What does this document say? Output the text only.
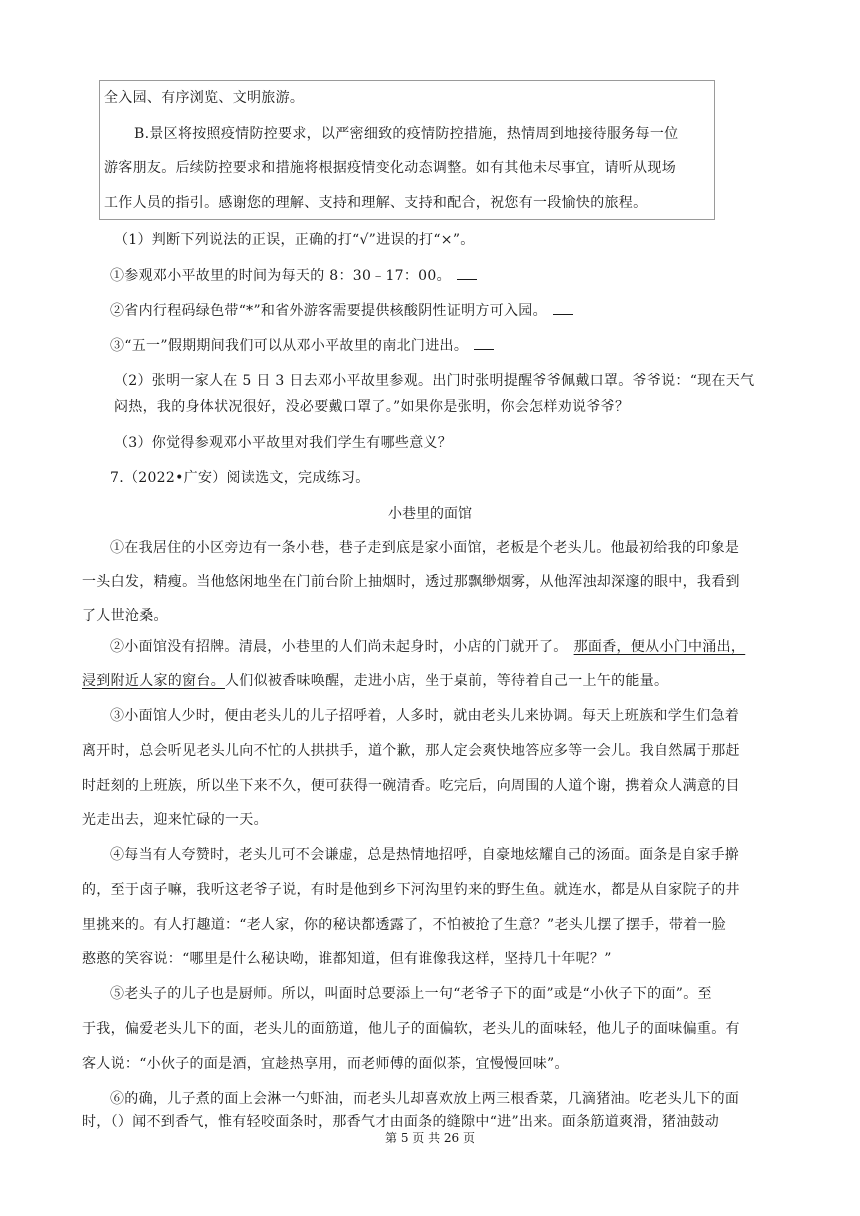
全入园、有序浏览、文明旅游。
B.景区将按照疫情防控要求，以严密细致的疫情防控措施，热情周到地接待服务每一位
游客朋友。后续防控要求和措施将根据疫情变化动态调整。如有其他未尽事宜，请听从现场
工作人员的指引。感谢您的理解、支持和理解、支持和配合，祝您有一段愉快的旅程。
（1）判断下列说法的正误，正确的打“√”进误的打“×”。
①参观邓小平故里的时间为每天的 8：30﹣17：00。
②省内行程码绿色带“*”和省外游客需要提供核酸阴性证明方可入园。
③“五一”假期期间我们可以从邓小平故里的南北门进出。
（2）张明一家人在 5 日 3 日去邓小平故里参观。出门时张明提醒爷爷佩戴口罩。爷爷说：“现在天气
闷热，我的身体状况很好，没必要戴口罩了。”如果你是张明，你会怎样劝说爷爷？
（3）你觉得参观邓小平故里对我们学生有哪些意义？
7.（2022•广安）阅读选文，完成练习。
小巷里的面馆
①在我居住的小区旁边有一条小巷，巷子走到底是家小面馆，老板是个老头儿。他最初给我的印象是
一头白发，精瘦。当他悠闲地坐在门前台阶上抽烟时，透过那飘缈烟雾，从他浑浊却深邃的眼中，我看到
了人世沧桑。
②小面馆没有招牌。清晨，小巷里的人们尚未起身时，小店的门就开了。 那面香，便从小门中涌出，
浸到附近人家的窗台。人们似被香味唤醒，走进小店，坐于桌前，等待着自己一上午的能量。
③小面馆人少时，便由老头儿的儿子招呼着，人多时，就由老头儿来协调。每天上班族和学生们急着
离开时，总会听见老头儿向不忙的人拱拱手，道个歉，那人定会爽快地答应多等一会儿。我自然属于那赶
时赶刻的上班族，所以坐下来不久，便可获得一碗清香。吃完后，向周围的人道个谢，携着众人满意的目
光走出去，迎来忙碌的一天。
④每当有人夸赞时，老头儿可不会谦虚，总是热情地招呼，自豪地炫耀自己的汤面。面条是自家手擀
的，至于卤子嘛，我听这老爷子说，有时是他到乡下河沟里钓来的野生鱼。就连水，都是从自家院子的井
里挑来的。有人打趣道：“老人家，你的秘诀都透露了，不怕被抢了生意？”老头儿摆了摆手，带着一脸
憨憨的笑容说：“哪里是什么秘诀呦，谁都知道，但有谁像我这样，坚持几十年呢？”
⑤老头子的儿子也是厨师。所以，叫面时总要添上一句“老爷子下的面”或是“小伙子下的面”。至
于我，偏爱老头儿下的面，老头儿的面筋道，他儿子的面偏软，老头儿的面味轻，他儿子的面味偏重。有
客人说：“小伙子的面是酒，宜趁热享用，而老师傅的面似茶，宜慢慢回味”。
⑥的确，儿子煮的面上会淋一勺虾油，而老头儿却喜欢放上两三根香菜，几滴猪油。吃老头儿下的面
时，（）闻不到香气，惟有轻咬面条时，那香气才由面条的缝隙中“进”出来。面条筋道爽滑，猪油鼓动
第 5 页 共 26 页
